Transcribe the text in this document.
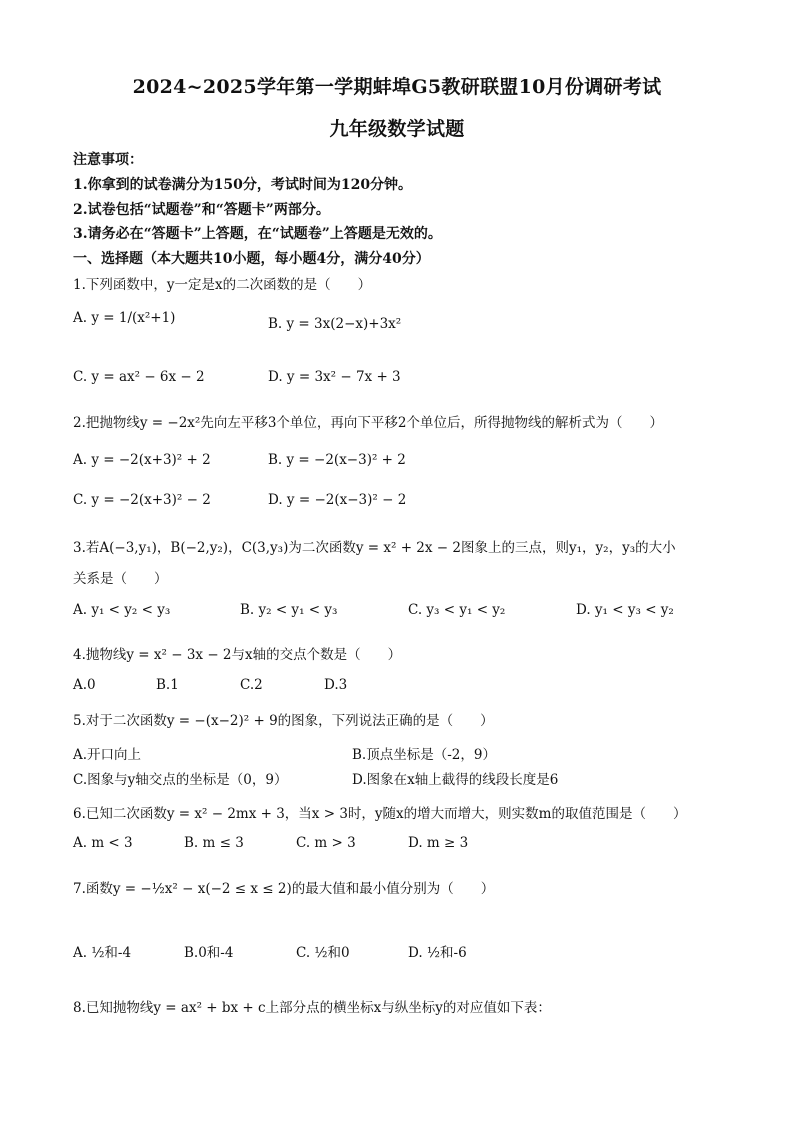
2024~2025学年第一学期蚌埠G5教研联盟10月份调研考试
九年级数学试题
注意事项：
1.你拿到的试卷满分为150分，考试时间为120分钟。
2.试卷包括“试题卷”和“答题卡”两部分。
3.请务必在“答题卡”上答题，在“试题卷”上答题是无效的。
一、选择题（本大题共10小题，每小题4分，满分40分）
1.下列函数中，y一定是x的二次函数的是（　　）
A. y = 1/(x²+1)	B. y = 3x(2−x)+3x²
C. y = ax² − 6x − 2	D. y = 3x² − 7x + 3
2.把抛物线y = −2x²先向左平移3个单位，再向下平移2个单位后，所得抛物线的解析式为（　　）
A. y = −2(x+3)² + 2	B. y = −2(x−3)² + 2
C. y = −2(x+3)² − 2	D. y = −2(x−3)² − 2
3.若A(−3,y₁)，B(−2,y₂)，C(3,y₃)为二次函数y = x² + 2x − 2图象上的三点，则y₁，y₂，y₃的大小
关系是（　　）
A. y₁ < y₂ < y₃	B. y₂ < y₁ < y₃	C. y₃ < y₁ < y₂	D. y₁ < y₃ < y₂
4.抛物线y = x² − 3x − 2与x轴的交点个数是（　　）
A.0	B.1	C.2	D.3
5.对于二次函数y = −(x−2)² + 9的图象，下列说法正确的是（　　）
A.开口向上	B.顶点坐标是（-2，9）
C.图象与y轴交点的坐标是（0，9）	D.图象在x轴上截得的线段长度是6
6.已知二次函数y = x² − 2mx + 3，当x > 3时，y随x的增大而增大，则实数m的取值范围是（　　）
A. m < 3	B. m ≤ 3	C. m > 3	D. m ≥ 3
7.函数y = −½x² − x(−2 ≤ x ≤ 2)的最大值和最小值分别为（　　）
A. ½和-4	B.0和-4	C. ½和0	D. ½和-6
8.已知抛物线y = ax² + bx + c上部分点的横坐标x与纵坐标y的对应值如下表：
